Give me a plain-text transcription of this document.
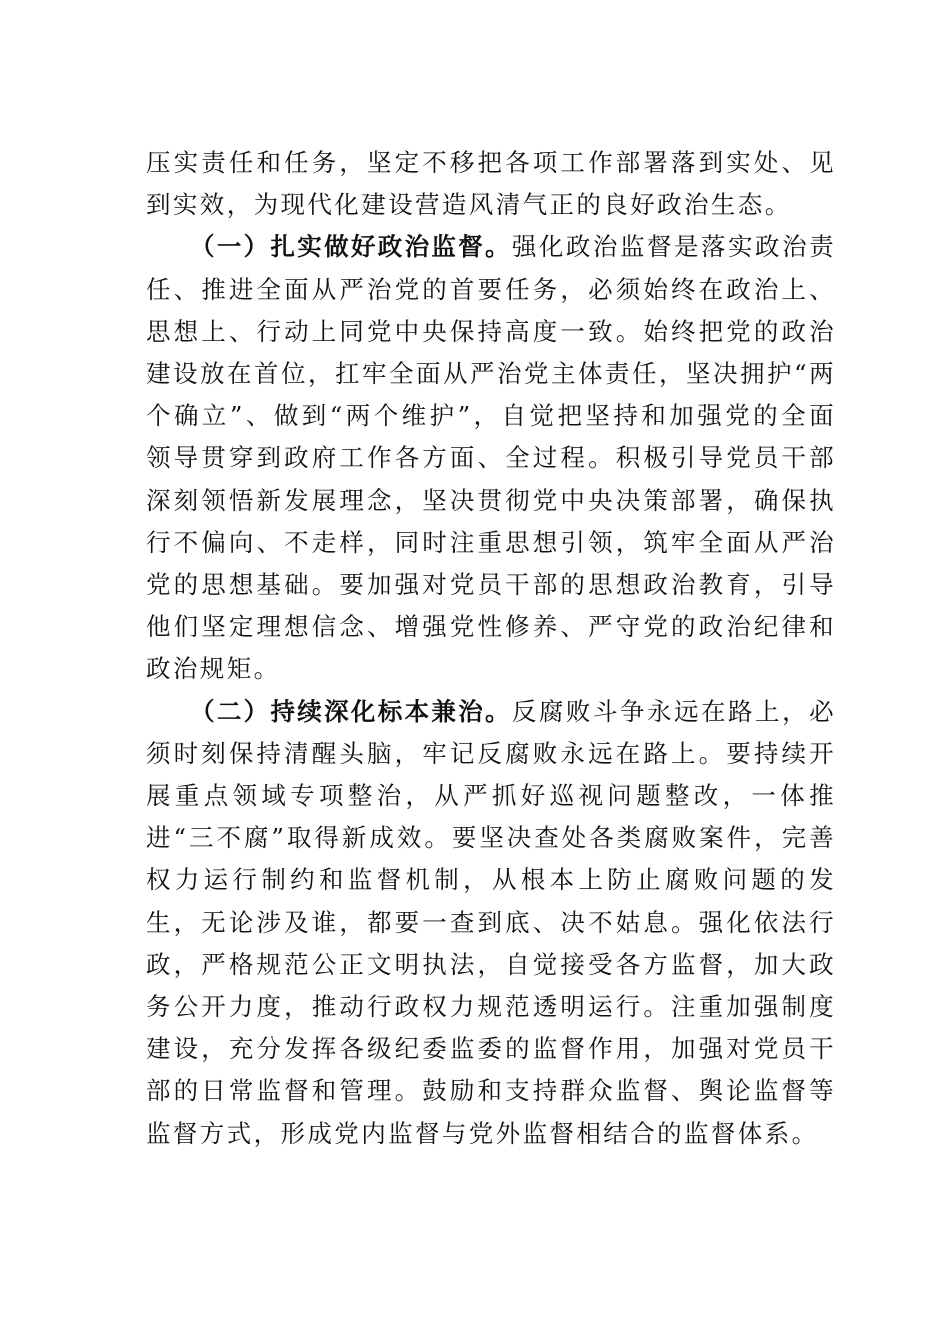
压实责任和任务，坚定不移把各项工作部署落到实处、见到实效，为现代化建设营造风清气正的良好政治生态。

（一）扎实做好政治监督。强化政治监督是落实政治责任、推进全面从严治党的首要任务，必须始终在政治上、思想上、行动上同党中央保持高度一致。始终把党的政治建设放在首位，扛牢全面从严治党主体责任，坚决拥护“两个确立”、做到“两个维护”，自觉把坚持和加强党的全面领导贯穿到政府工作各方面、全过程。积极引导党员干部深刻领悟新发展理念，坚决贯彻党中央决策部署，确保执行不偏向、不走样，同时注重思想引领，筑牢全面从严治党的思想基础。要加强对党员干部的思想政治教育，引导他们坚定理想信念、增强党性修养、严守党的政治纪律和政治规矩。

（二）持续深化标本兼治。反腐败斗争永远在路上，必须时刻保持清醒头脑，牢记反腐败永远在路上。要持续开展重点领域专项整治，从严抓好巡视问题整改，一体推进“三不腐”取得新成效。要坚决查处各类腐败案件，完善权力运行制约和监督机制，从根本上防止腐败问题的发生，无论涉及谁，都要一查到底、决不姑息。强化依法行政，严格规范公正文明执法，自觉接受各方监督，加大政务公开力度，推动行政权力规范透明运行。注重加强制度建设，充分发挥各级纪委监委的监督作用，加强对党员干部的日常监督和管理。鼓励和支持群众监督、舆论监督等监督方式，形成党内监督与党外监督相结合的监督体系。
